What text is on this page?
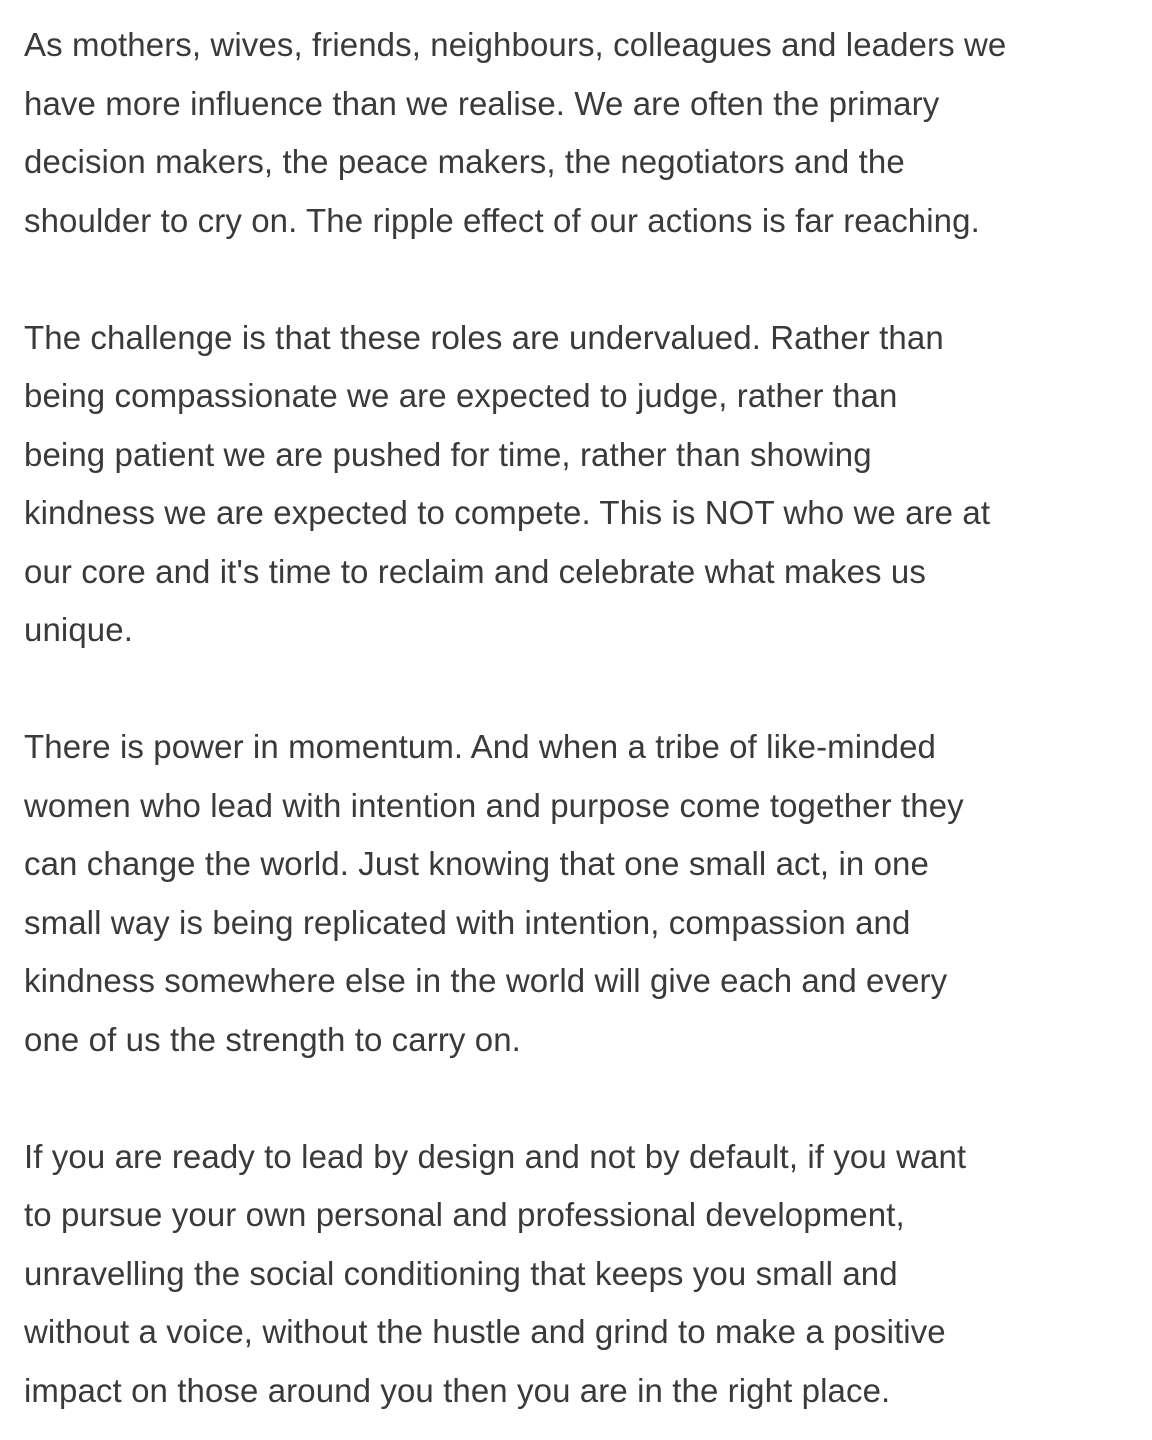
As mothers, wives, friends, neighbours, colleagues and leaders we
have more influence than we realise. We are often the primary
decision makers, the peace makers, the negotiators and the
shoulder to cry on. The ripple effect of our actions is far reaching.

The challenge is that these roles are undervalued. Rather than
being compassionate we are expected to judge, rather than
being patient we are pushed for time, rather than showing
kindness we are expected to compete. This is NOT who we are at
our core and it's time to reclaim and celebrate what makes us
unique.

There is power in momentum. And when a tribe of like-minded
women who lead with intention and purpose come together they
can change the world. Just knowing that one small act, in one
small way is being replicated with intention, compassion and
kindness somewhere else in the world will give each and every
one of us the strength to carry on.

If you are ready to lead by design and not by default, if you want
to pursue your own personal and professional development,
unravelling the social conditioning that keeps you small and
without a voice, without the hustle and grind to make a positive
impact on those around you then you are in the right place.
